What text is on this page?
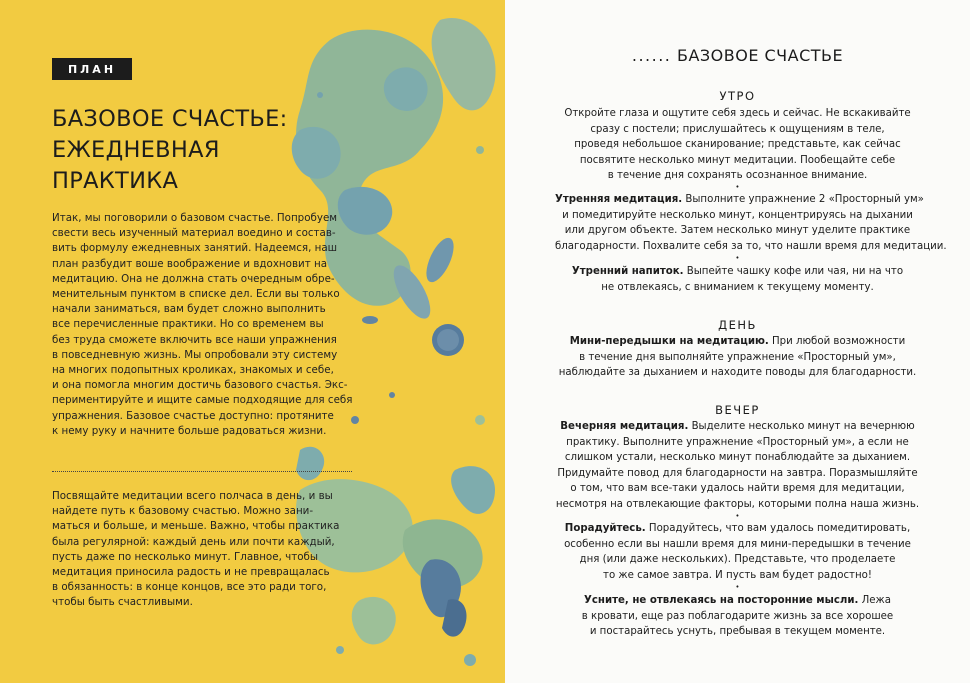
ПЛАН
БАЗОВОЕ СЧАСТЬЕ:
ЕЖЕДНЕВНАЯ
ПРАКТИКА

Итак, мы поговорили о базовом счастье. Попробуем
свести весь изученный материал воедино и состав-
вить формулу ежедневных занятий. Надеемся, наш
план разбудит воше воображение и вдохновит на
медитацию. Она не должна стать очередным обре-
менительным пунктом в списке дел. Если вы только
начали заниматься, вам будет сложно выполнить
все перечисленные практики. Но со временем вы
без труда сможете включить все наши упражнения
в повседневную жизнь. Мы опробовали эту систему
на многих подопытных кроликах, знакомых и себе,
и она помогла многим достичь базового счастья. Экс-
периментируйте и ищите самые подходящие для себя
упражнения. Базовое счастье доступно: протяните
к нему руку и начните больше радоваться жизни.

Посвящайте медитации всего полчаса в день, и вы
найдете путь к базовому счастью. Можно зани-
маться и больше, и меньше. Важно, чтобы практика
была регулярной: каждый день или почти каждый,
пусть даже по несколько минут. Главное, чтобы
медитация приносила радость и не превращалась
в обязанность: в конце концов, все это ради того,
чтобы быть счастливыми.

...... БАЗОВОЕ СЧАСТЬЕ
УТРО
Откройте глаза и ощутите себя здесь и сейчас. Не вскакивайте
сразу с постели; прислушайтесь к ощущениям в теле,
проведя небольшое сканирование; представьте, как сейчас
посвятите несколько минут медитации. Пообещайте себе
в течение дня сохранять осознанное внимание.
•
Утренняя медитация. Выполните упражнение 2 «Просторный ум»
и помедитируйте несколько минут, концентрируясь на дыхании
или другом объекте. Затем несколько минут уделите практике
благодарности. Похвалите себя за то, что нашли время для медитации.
•
Утренний напиток. Выпейте чашку кофе или чая, ни на что
не отвлекаясь, с вниманием к текущему моменту.
ДЕНЬ
Мини-передышки на медитацию. При любой возможности
в течение дня выполняйте упражнение «Просторный ум»,
наблюдайте за дыханием и находите поводы для благодарности.
ВЕЧЕР
Вечерняя медитация. Выделите несколько минут на вечернюю
практику. Выполните упражнение «Просторный ум», а если не
слишком устали, несколько минут понаблюдайте за дыханием.
Придумайте повод для благодарности на завтра. Поразмышляйте
о том, что вам все-таки удалось найти время для медитации,
несмотря на отвлекающие факторы, которыми полна наша жизнь.
•
Порадуйтесь. Порадуйтесь, что вам удалось помедитировать,
особенно если вы нашли время для мини-передышки в течение
дня (или даже нескольких). Представьте, что проделаете
то же самое завтра. И пусть вам будет радостно!
•
Усните, не отвлекаясь на посторонние мысли. Лежа
в кровати, еще раз поблагодарите жизнь за все хорошее
и постарайтесь уснуть, пребывая в текущем моменте.
